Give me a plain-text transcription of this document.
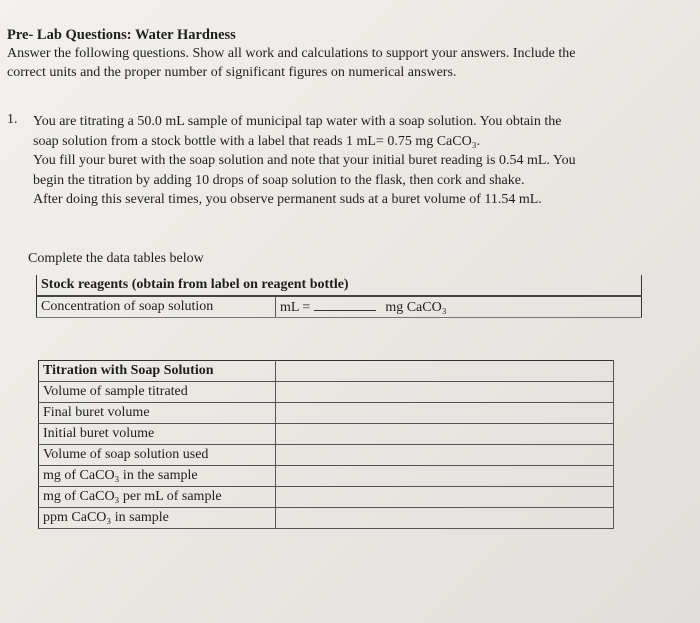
Pre- Lab Questions: Water Hardness
Answer the following questions. Show all work and calculations to support your answers. Include the
correct units and the proper number of significant figures on numerical answers.
1. You are titrating a 50.0 mL sample of municipal tap water with a soap solution. You obtain the
soap solution from a stock bottle with a label that reads 1 mL= 0.75 mg CaCO₃.
You fill your buret with the soap solution and note that your initial buret reading is 0.54 mL. You
begin the titration by adding 10 drops of soap solution to the flask, then cork and shake.
After doing this several times, you observe permanent suds at a buret volume of 11.54 mL.
Complete the data tables below
Stock reagents (obtain from label on reagent bottle)
Concentration of soap solution	mL =	mg CaCO₃
Titration with Soap Solution	
Volume of sample titrated	
Final buret volume	
Initial buret volume	
Volume of soap solution used	
mg of CaCO₃ in the sample	
mg of CaCO₃ per mL of sample	
ppm CaCO₃ in sample	
